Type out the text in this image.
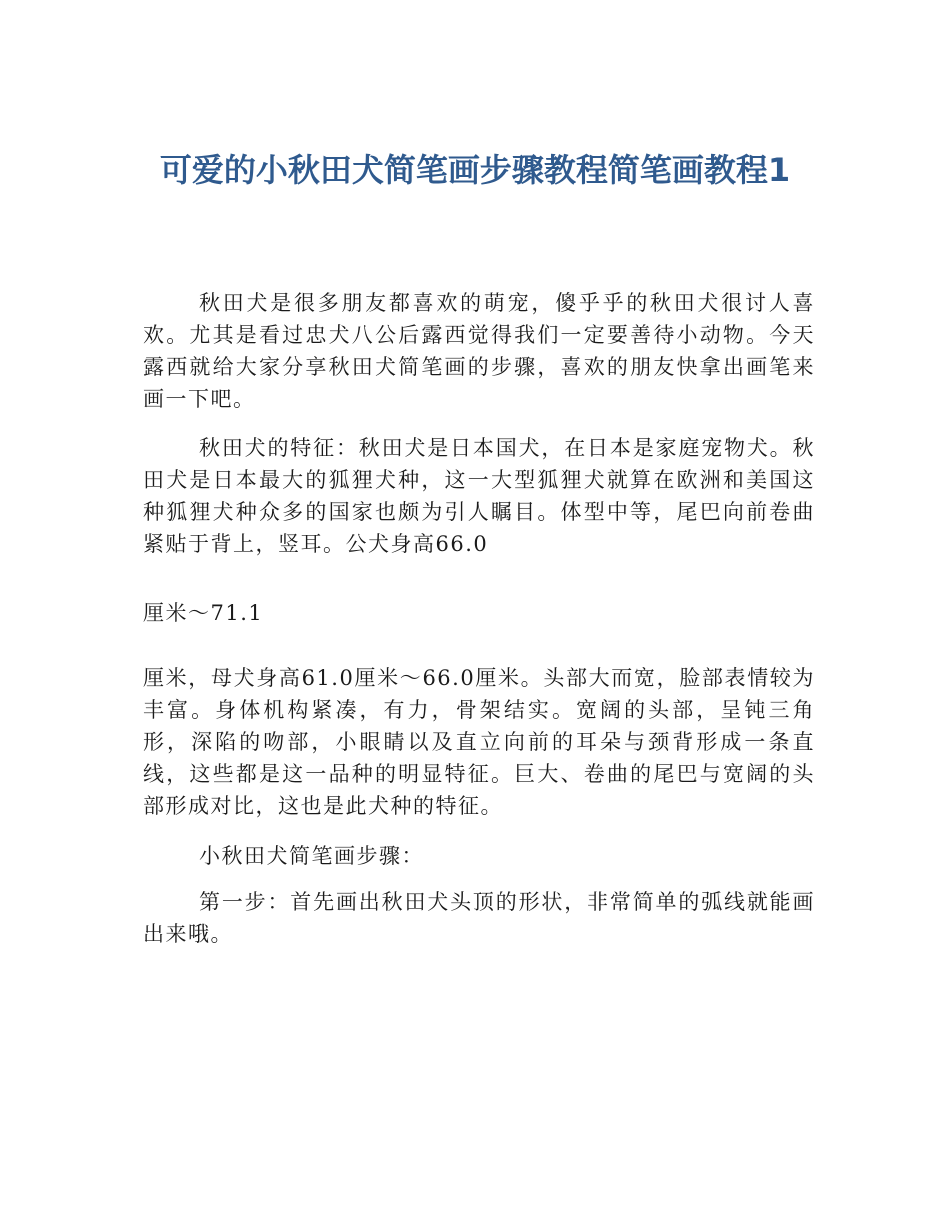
可爱的小秋田犬简笔画步骤教程简笔画教程1

秋田犬是很多朋友都喜欢的萌宠，傻乎乎的秋田犬很讨人喜欢。尤其是看过忠犬八公后露西觉得我们一定要善待小动物。今天露西就给大家分享秋田犬简笔画的步骤，喜欢的朋友快拿出画笔来画一下吧。

秋田犬的特征：秋田犬是日本国犬，在日本是家庭宠物犬。秋田犬是日本最大的狐狸犬种，这一大型狐狸犬就算在欧洲和美国这种狐狸犬种众多的国家也颇为引人瞩目。体型中等，尾巴向前卷曲紧贴于背上，竖耳。公犬身高66.0

厘米～71.1

厘米，母犬身高61.0厘米～66.0厘米。头部大而宽，脸部表情较为丰富。身体机构紧凑，有力，骨架结实。宽阔的头部，呈钝三角形，深陷的吻部，小眼睛以及直立向前的耳朵与颈背形成一条直线，这些都是这一品种的明显特征。巨大、卷曲的尾巴与宽阔的头部形成对比，这也是此犬种的特征。

小秋田犬简笔画步骤：

第一步：首先画出秋田犬头顶的形状，非常简单的弧线就能画出来哦。
